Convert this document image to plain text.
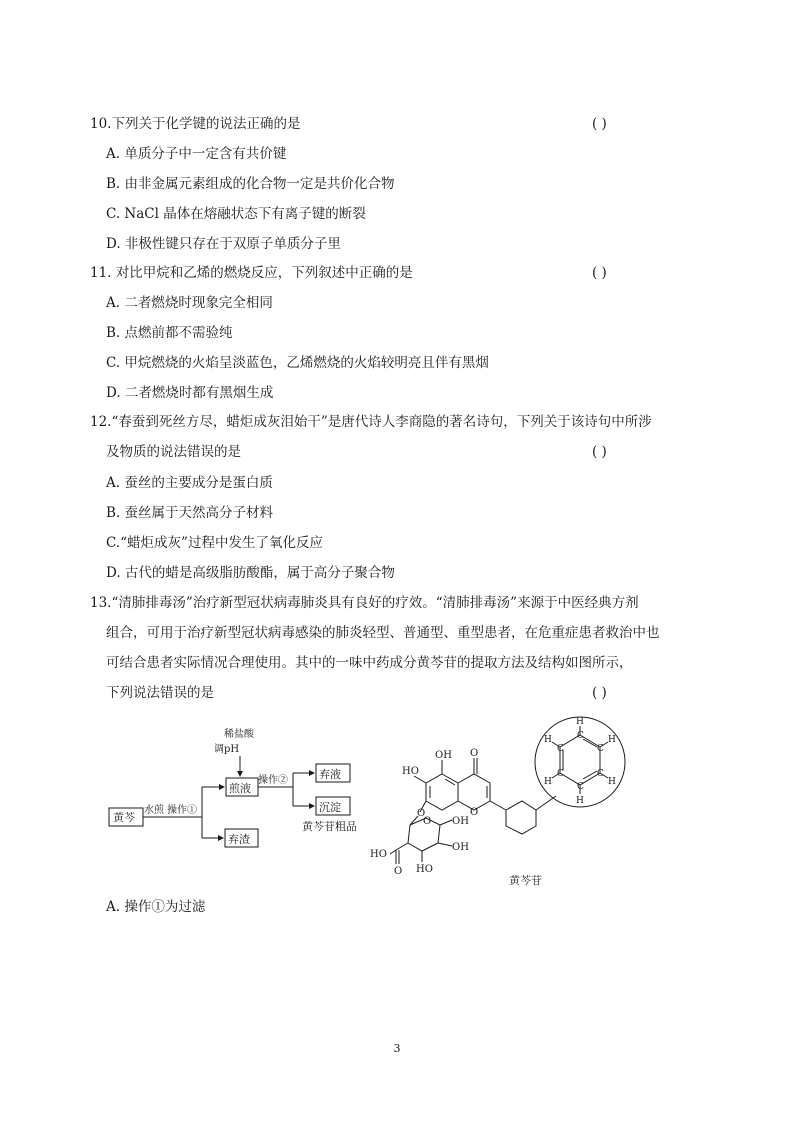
10.下列关于化学键的说法正确的是	( )
A. 单质分子中一定含有共价键
B. 由非金属元素组成的化合物一定是共价化合物
C. NaCl 晶体在熔融状态下有离子键的断裂
D. 非极性键只存在于双原子单质分子里
11. 对比甲烷和乙烯的燃烧反应，下列叙述中正确的是	( )
A. 二者燃烧时现象完全相同
B. 点燃前都不需验纯
C. 甲烷燃烧的火焰呈淡蓝色，乙烯燃烧的火焰较明亮且伴有黑烟
D. 二者燃烧时都有黑烟生成
12.“春蚕到死丝方尽，蜡炬成灰泪始干”是唐代诗人李商隐的著名诗句，下列关于该诗句中所涉
及物质的说法错误的是	( )
A. 蚕丝的主要成分是蛋白质
B. 蚕丝属于天然高分子材料
C.“蜡炬成灰”过程中发生了氧化反应
D. 古代的蜡是高级脂肪酸酯，属于高分子聚合物
13.“清肺排毒汤”治疗新型冠状病毒肺炎具有良好的疗效。“清肺排毒汤”来源于中医经典方剂
组合，可用于治疗新型冠状病毒感染的肺炎轻型、普通型、重型患者，在危重症患者救治中也
可结合患者实际情况合理使用。其中的一味中药成分黄芩苷的提取方法及结构如图所示，
下列说法错误的是	( )
黄芩
煎液
弃渣
弃液
沉淀
黄芩苷粗品
水煎 操作①
稀盐酸
调pH
操作②
OH O
HO
O
O
O OH
OH
HO
O
HO
H
H
H
H
H
H	C
C
C
C
C
C
黄芩苷
A. 操作①为过滤
3
